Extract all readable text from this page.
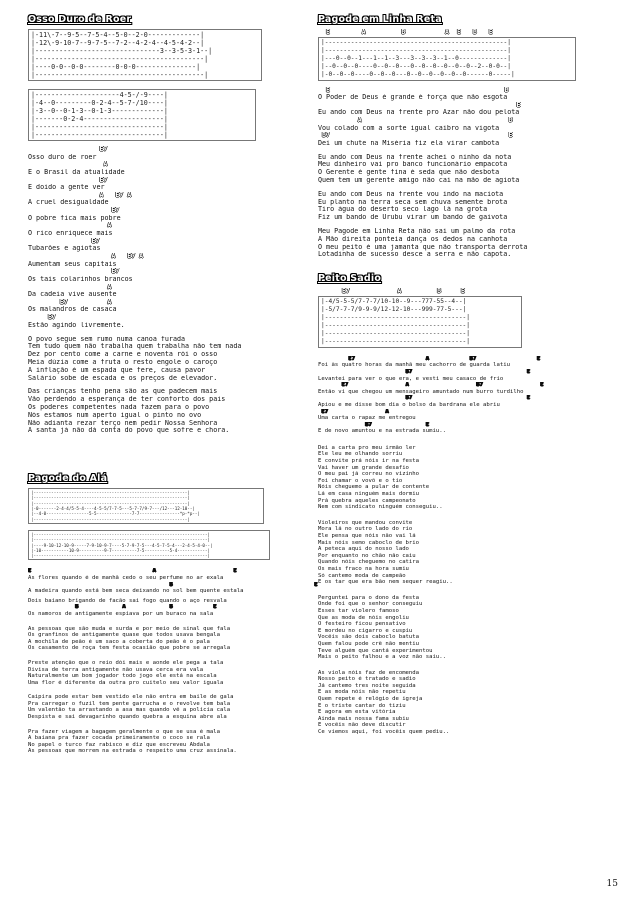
Osso Duro de Roer
|-11\-7--9-5--7-5-4--5-0--2-0-------------|
|-12\-9-10-7--9-7-5--7-2--4-2-4--4-5-4-2--|
|-------------------------------3--3-5-3-1--|
|------------------------------------------|
|----0-0--0-0--------0-0-0---------------|
|------------------------------------------|
|---------------------4-5-/-9----|
|-4--0---------0-2-4--5-7-/10----|
|-3--0--0-1-3--0-1-3-------------|
|-------0-2-4--------------------|
|--------------------------------|
|--------------------------------|
E7
Osso duro de roer
A
É o Brasil da atualidade
E7
É doido a gente ver
A   E7 A
A cruel desigualdade
E7
O pobre fica mais pobre
A
O rico enriquece mais
E7
Tubarões e agiotas
A   E7 A
Aumentam seus capitais
E7
Os tais colarinhos brancos
A
Da cadeia vive ausente
E7          A
Os malandros de casaca
E7
Estão agindo livremente.
O povo segue sem rumo numa canoa furada
Tem tudo quem não trabalha quem trabalha não tem nada
Dez por cento come a carne e noventa rói o osso
Meia dúzia come a fruta o resto engole o caroço
A inflação é um espada que fere, causa pavor
Salário sobe de escada e os preços de elevador.
Das crianças tenho pena são as que padecem mais
Vão perdendo a esperança de ter conforto dos pais
Os poderes competentes nada fazem para o povo
Nós estamos num aperto igual o pinto no ovo
Não adianta rezar terço nem pedir Nossa Senhora
A santa já não dá conta do povo que sofre e chora.
Pagode do Alá
|-------------------------------------------------------------|
|-------------------------------------------------------------|
|-------------------------------------------------------------|
|-0-------2-4-4/5-5-4----4-5-5/7-7-5---5-7-7/9-7---/12---12-10--|
|--4-0-----------------5-5--------------7-7----------------*p-*p--|
|-------------------------------------------------------------|
|---------------------------------------------------------------------|
|---------------------------------------------------------------------|
|----9-10-12-10-9-----7-9-10-9-7----5-7-9-7-5---4-5-7-5-4---2-4-5-4-0--|
|-10-----------10-9----------9-7----------7-5----------5-4------------|
|---------------------------------------------------------------------|
E                                    A                       E
As flores quando é de manhã cedo o seu perfume no ar exala
B                                          E
A madeira quando está bem seca deixando no sol bem quente estala
Dois baiano brigando de facão sai fogo quando o aço resvala
B             A             B            E
Os namoros de antigamente espiava por um buraco na sala
As pessoas que são muda e surda e por meio de sinal que fala
Os granfinos de antigamente quase que todos usava bengala
A mochila de peão é um saco a coberta do peão é o pala
Os casamento de roça tem festa ocasião que pobre se arregala
Preste atenção que o reio dói mais e aonde ele pega a tala
Divisa de terra antigamente não usava cerca era vala
Naturalmente um bom jogador todo jogo ele está na escala
Uma flor é diferente da outra pro cuitelo seu valor iguala
Caipira pode estar bem vestido ele não entra em baile de gala
Pra carregar o fuzil tem pente garrucha e o revolve tem bala
Um valentão ta arrastando a asa mas quando vê a polícia cala
Despista e sai devagarinho quando quebra a esquina abre ala
Pra fazer viagem a bagagem geralmente o que se usa é mala
A baiana pra fazer cocada primeiramente o coco se rala
No papel o turco faz rabisco e diz que escreveu Abdala
As pessoas que morrem na estrada o respeito uma cruz assinala.
Pagode em Linha Reta
E        A         B          A  E   B   E
|-------------------------------------------------|
|-------------------------------------------------|
|---0--0--1---1--1--3---3--3--3--1--0-------------|
|--0--0--0----0--0--0---0--0--0--0--0--0--2--0-0--|
|-0--0--0----0--0--0---0--0--0--0--0--0------0-----|
E                                            B
O Poder de Deus é grande é força que não esgota
E
Eu ando com Deus na frente pro Azar não dou pelota
A                                     B
Vou colado com a sorte igual caibro na vigota
B7                                             E
Dei um chute na Miséria fiz ela virar cambota
Eu ando com Deus na frente achei o ninho da nota
Meu dinheiro vai pro banco funcionário empacota
O Gerente é gente fina é seda que não desbota
Quem tem um gerente amigo não cai na mão de agiota
Eu ando com Deus na frente vou indo na maciota
Eu planto na terra seca sem chuva semente brota
Tiro água do deserto seco lago lá na grota
Fiz um bando de Urubu virar um bando de gaivota
Meu Pagode em Linha Reta não sai um palmo da rota
A Mão direita ponteia dança os dedos na canhota
O meu peito é uma jamanta que não transporta derrota
Lotadinha de sucesso desce a serra e não capota.
Peito Sadio
E7            A         B     E
|-4/5-5-5/7-7-7/10-10--9---777-55--4--|
|-5/7-7-7/9-9-9/12-12-10---999-77-5---|
|--------------------------------------|
|--------------------------------------|
|--------------------------------------|
|--------------------------------------|
E7                     A            B7                  E
Foi às quatro horas da manhã meu cachorro de guarda latiu
B7                                  E
Levantei para ver o que era, e vesti meu casaco de frio
E7                 A                    B7                 E
Então vi que chegou um mensageiro amuntado num burro turdilho
B7                                  E
Apiou e me disse bom dia o bolso da bardrana ele abriu
E7                 A
Uma carta o rapaz me entregou
B7                E
E de novo amuntou e na estrada sumiu..
Dei a carta pro meu irmão ler
Ele leu me olhando sorriu
É convite prá nóis ir na festa
Vai haver um grande desafio
O meu pai já correu no vizinho
Foi chamar o vovô e o tio
Nóis cheguemo a pular de contente
Lá em casa ninguém mais dormiu
Prá quebra aqueles campeonato
Nem com sindicato ninguém conseguiu..
Violeiros que mandou convite
Mora lá no outro lado do rio
Ele pensa que nóis não vai lá
Mais nóis semo caboclo de brio
A peteca aqui do nosso lado
Por enquanto no chão não caiu
Quando nóis cheguemo no catira
Os mais fraco na hora sumiu
Só cantemo moda de campeão
E os tar que era bão nem sequer reagiu..
Perguntei para o dono da festa
Onde foi que o senhor conseguiu
Esses tar violero famoso
Que as moda de nóis engoliu
O festeiro ficou pensativo
E mordeu no cigarro e cuspiu
Vocêis são dois caboclo batuta
Quem falou pode crê não mentiu
Teve alguém que cantá experimentou
Mais o peito falhou e a voz não saiu..
As viola nóis faz de encomenda
Nosso peito é tratado e sadio
Já cantemo tres noite seguida
E as moda nóis não repetiu
Quem repete é relógio de igreja
E o triste cantar do tiziu
E agora em esta vitória
Ainda mais nossa fama subiu
E vocêis não deve discutir
Ce viemos aqui, foi vocêis quem pediu..
15
